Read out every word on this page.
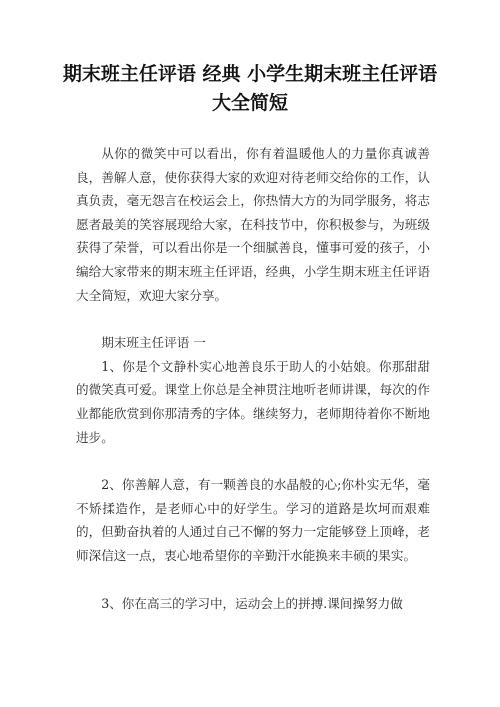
期末班主任评语 经典 小学生期末班主任评语大全简短

从你的微笑中可以看出，你有着温暖他人的力量你真诚善良，善解人意，使你获得大家的欢迎对待老师交给你的工作，认真负责，毫无怨言在校运会上，你热情大方的为同学服务，将志愿者最美的笑容展现给大家，在科技节中，你积极参与，为班级获得了荣誉，可以看出你是一个细腻善良，懂事可爱的孩子，小编给大家带来的期末班主任评语，经典，小学生期末班主任评语大全简短，欢迎大家分享。

期末班主任评语 一

1、你是个文静朴实心地善良乐于助人的小姑娘。你那甜甜的微笑真可爱。课堂上你总是全神贯注地听老师讲课，每次的作业都能欣赏到你那清秀的字体。继续努力，老师期待着你不断地进步。

2、你善解人意，有一颗善良的水晶般的心;你朴实无华，毫不矫揉造作，是老师心中的好学生。学习的道路是坎坷而艰难的，但勤奋执着的人通过自己不懈的努力一定能够登上顶峰，老师深信这一点，衷心地希望你的辛勤汗水能换来丰硕的果实。

3、你在高三的学习中，运动会上的拼搏.课间操努力做
